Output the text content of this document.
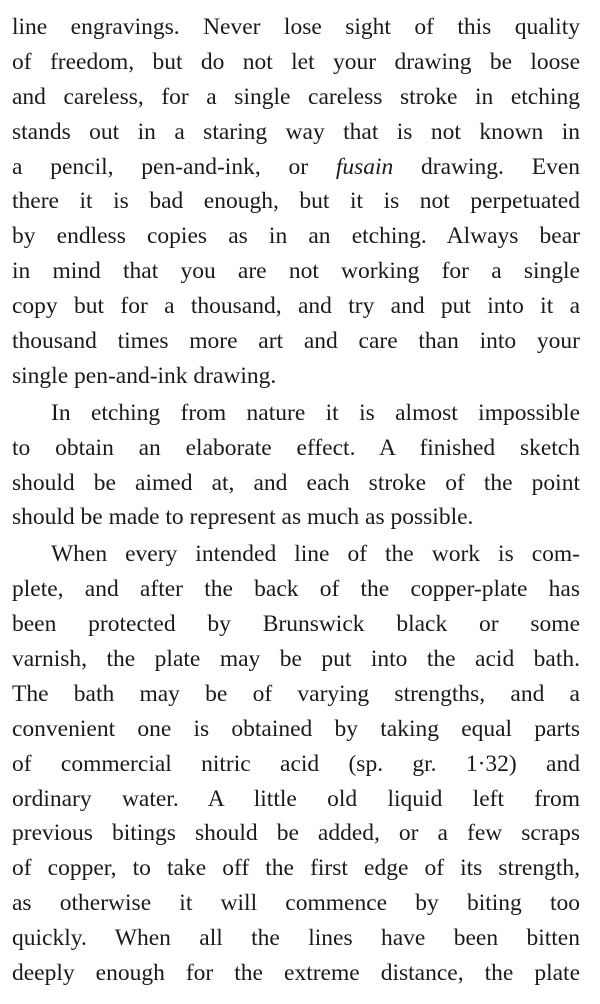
line engravings. Never lose sight of this quality
of freedom, but do not let your drawing be loose
and careless, for a single careless stroke in etching
stands out in a staring way that is not known in
a pencil, pen-and-ink, or fusain drawing. Even
there it is bad enough, but it is not perpetuated
by endless copies as in an etching. Always bear
in mind that you are not working for a single
copy but for a thousand, and try and put into it a
thousand times more art and care than into your
single pen-and-ink drawing.
In etching from nature it is almost impossible
to obtain an elaborate effect. A finished sketch
should be aimed at, and each stroke of the point
should be made to represent as much as possible.
When every intended line of the work is com-
plete, and after the back of the copper-plate has
been protected by Brunswick black or some
varnish, the plate may be put into the acid bath.
The bath may be of varying strengths, and a
convenient one is obtained by taking equal parts
of commercial nitric acid (sp. gr. 1·32) and
ordinary water. A little old liquid left from
previous bitings should be added, or a few scraps
of copper, to take off the first edge of its strength,
as otherwise it will commence by biting too
quickly. When all the lines have been bitten
deeply enough for the extreme distance, the plate
